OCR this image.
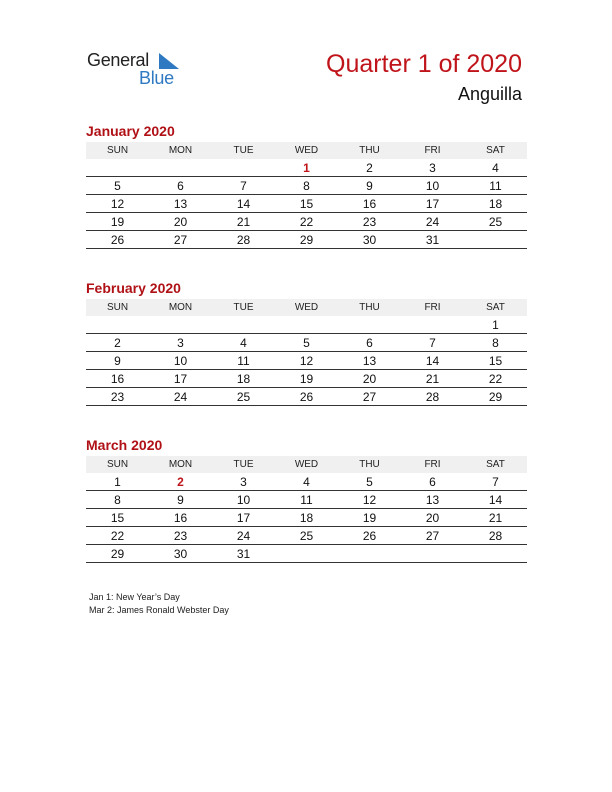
General
Blue	Quarter 1 of 2020
Anguilla
January 2020
SUN	MON	TUE	WED	THU	FRI	SAT
			1	2	3	4
5	6	7	8	9	10	11
12	13	14	15	16	17	18
19	20	21	22	23	24	25
26	27	28	29	30	31	
February 2020
SUN	MON	TUE	WED	THU	FRI	SAT
						1
2	3	4	5	6	7	8
9	10	11	12	13	14	15
16	17	18	19	20	21	22
23	24	25	26	27	28	29
March 2020
SUN	MON	TUE	WED	THU	FRI	SAT
1	2	3	4	5	6	7
8	9	10	11	12	13	14
15	16	17	18	19	20	21
22	23	24	25	26	27	28
29	30	31				
Jan 1: New Year’s Day
Mar 2: James Ronald Webster Day
